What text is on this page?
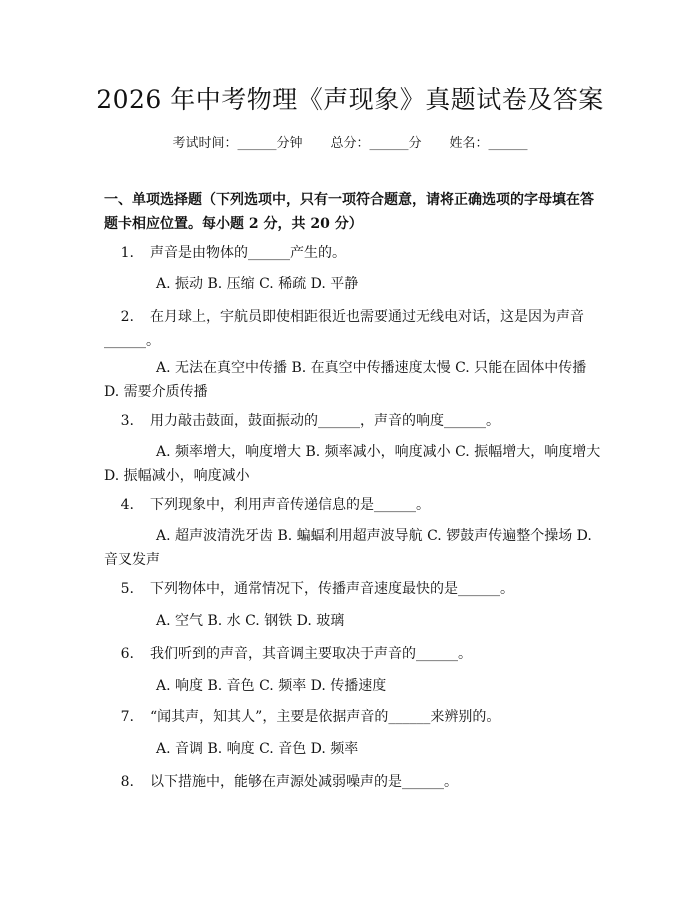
2026 年中考物理《声现象》真题试卷及答案
考试时间：______分钟 总分：______分 姓名：______
一、单项选择题（下列选项中，只有一项符合题意，请将正确选项的字母填在答题卡相应位置。每小题 2 分，共 20 分）
1. 声音是由物体的______产生的。
A. 振动 B. 压缩 C. 稀疏 D. 平静
2. 在月球上，宇航员即使相距很近也需要通过无线电对话，这是因为声音______。
A. 无法在真空中传播 B. 在真空中传播速度太慢 C. 只能在固体中传播 D. 需要介质传播
3. 用力敲击鼓面，鼓面振动的______，声音的响度______。
A. 频率增大，响度增大 B. 频率减小，响度减小 C. 振幅增大，响度增大 D. 振幅减小，响度减小
4. 下列现象中，利用声音传递信息的是______。
A. 超声波清洗牙齿 B. 蝙蝠利用超声波导航 C. 锣鼓声传遍整个操场 D. 音叉发声
5. 下列物体中，通常情况下，传播声音速度最快的是______。
A. 空气 B. 水 C. 钢铁 D. 玻璃
6. 我们听到的声音，其音调主要取决于声音的______。
A. 响度 B. 音色 C. 频率 D. 传播速度
7. “闻其声，知其人”，主要是依据声音的______来辨别的。
A. 音调 B. 响度 C. 音色 D. 频率
8. 以下措施中，能够在声源处减弱噪声的是______。
